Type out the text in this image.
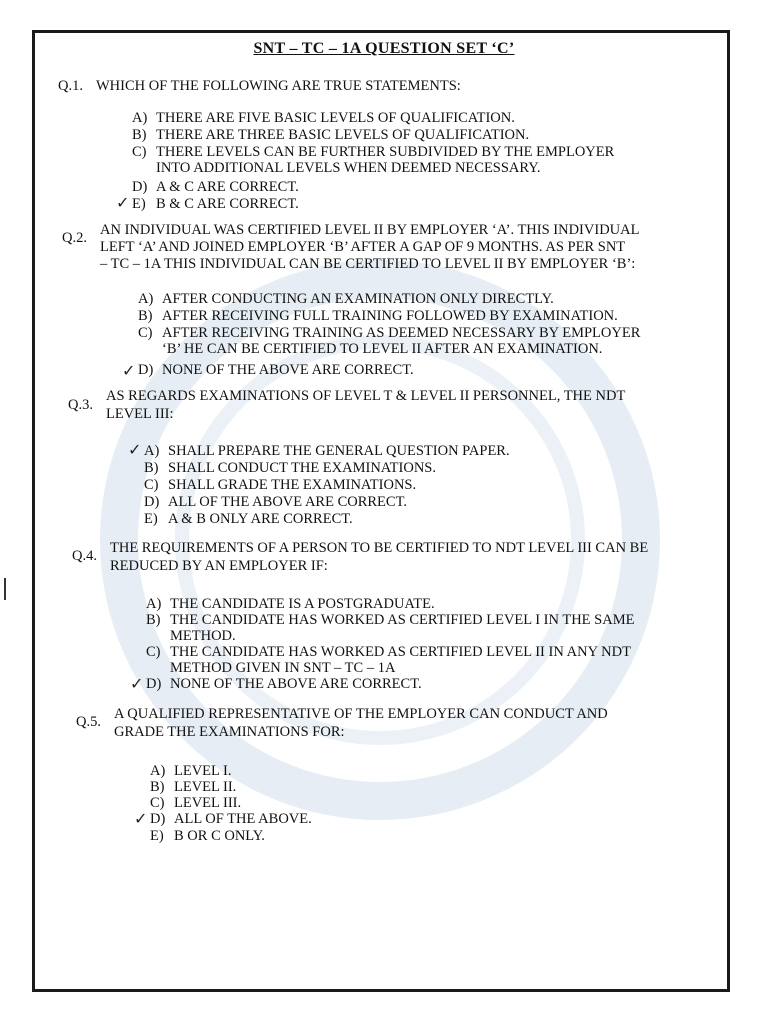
SNT – TC – 1A QUESTION SET ‘C’
Q.1. WHICH OF THE FOLLOWING ARE TRUE STATEMENTS:
A) THERE ARE FIVE BASIC LEVELS OF QUALIFICATION.
B) THERE ARE THREE BASIC LEVELS OF QUALIFICATION.
C) THERE LEVELS CAN BE FURTHER SUBDIVIDED BY THE EMPLOYER
INTO ADDITIONAL LEVELS WHEN DEEMED NECESSARY.
D) A & C ARE CORRECT.
E) B & C ARE CORRECT.
✓
Q.2. AN INDIVIDUAL WAS CERTIFIED LEVEL II BY EMPLOYER ‘A’. THIS INDIVIDUAL
LEFT ‘A’ AND JOINED EMPLOYER ‘B’ AFTER A GAP OF 9 MONTHS. AS PER SNT
– TC – 1A THIS INDIVIDUAL CAN BE CERTIFIED TO LEVEL II BY EMPLOYER ‘B’:
A) AFTER CONDUCTING AN EXAMINATION ONLY DIRECTLY.
B) AFTER RECEIVING FULL TRAINING FOLLOWED BY EXAMINATION.
C) AFTER RECEIVING TRAINING AS DEEMED NECESSARY BY EMPLOYER
‘B’ HE CAN BE CERTIFIED TO LEVEL II AFTER AN EXAMINATION.
D) NONE OF THE ABOVE ARE CORRECT.
✓
Q.3.
AS REGARDS EXAMINATIONS OF LEVEL T & LEVEL II PERSONNEL, THE NDT
LEVEL III:
A) SHALL PREPARE THE GENERAL QUESTION PAPER.
B) SHALL CONDUCT THE EXAMINATIONS.
C) SHALL GRADE THE EXAMINATIONS.
D) ALL OF THE ABOVE ARE CORRECT.
E) A & B ONLY ARE CORRECT.
✓
Q.4. THE REQUIREMENTS OF A PERSON TO BE CERTIFIED TO NDT LEVEL III CAN BE
REDUCED BY AN EMPLOYER IF:
A) THE CANDIDATE IS A POSTGRADUATE.
B) THE CANDIDATE HAS WORKED AS CERTIFIED LEVEL I IN THE SAME
METHOD.
C) THE CANDIDATE HAS WORKED AS CERTIFIED LEVEL II IN ANY NDT
METHOD GIVEN IN SNT – TC – 1A
D) NONE OF THE ABOVE ARE CORRECT.
✓
Q.5. A QUALIFIED REPRESENTATIVE OF THE EMPLOYER CAN CONDUCT AND
GRADE THE EXAMINATIONS FOR:
A) LEVEL I.
B) LEVEL II.
C) LEVEL III.
D) ALL OF THE ABOVE.
E) B OR C ONLY.
✓
